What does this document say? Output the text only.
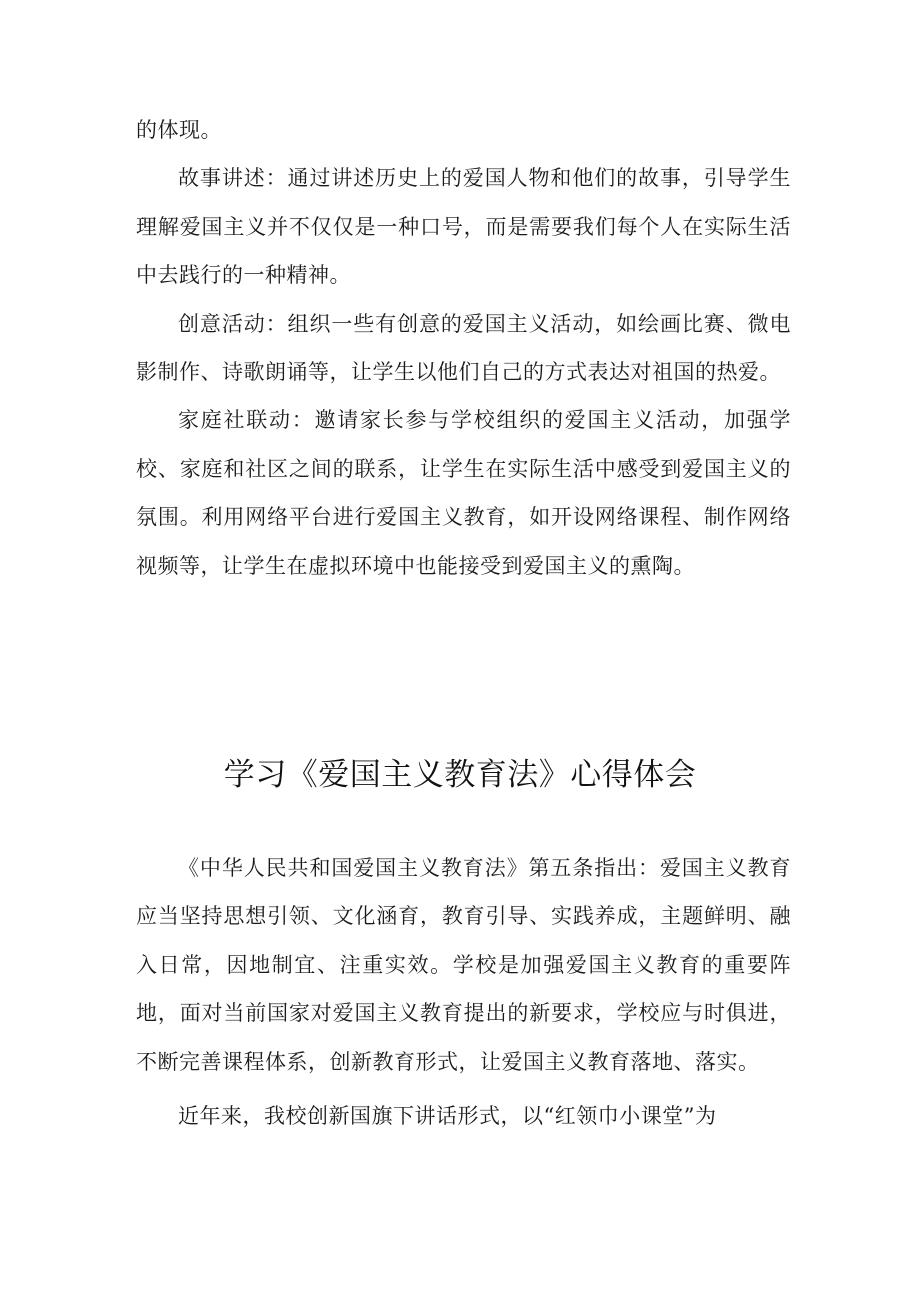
的体现。

故事讲述：通过讲述历史上的爱国人物和他们的故事，引导学生理解爱国主义并不仅仅是一种口号，而是需要我们每个人在实际生活中去践行的一种精神。

创意活动：组织一些有创意的爱国主义活动，如绘画比赛、微电影制作、诗歌朗诵等，让学生以他们自己的方式表达对祖国的热爱。

家庭社联动：邀请家长参与学校组织的爱国主义活动，加强学校、家庭和社区之间的联系，让学生在实际生活中感受到爱国主义的氛围。利用网络平台进行爱国主义教育，如开设网络课程、制作网络视频等，让学生在虚拟环境中也能接受到爱国主义的熏陶。

学习《爱国主义教育法》心得体会

《中华人民共和国爱国主义教育法》第五条指出：爱国主义教育应当坚持思想引领、文化涵育，教育引导、实践养成，主题鲜明、融入日常，因地制宜、注重实效。学校是加强爱国主义教育的重要阵地，面对当前国家对爱国主义教育提出的新要求，学校应与时俱进，不断完善课程体系，创新教育形式，让爱国主义教育落地、落实。

近年来，我校创新国旗下讲话形式，以“红领巾小课堂”为
